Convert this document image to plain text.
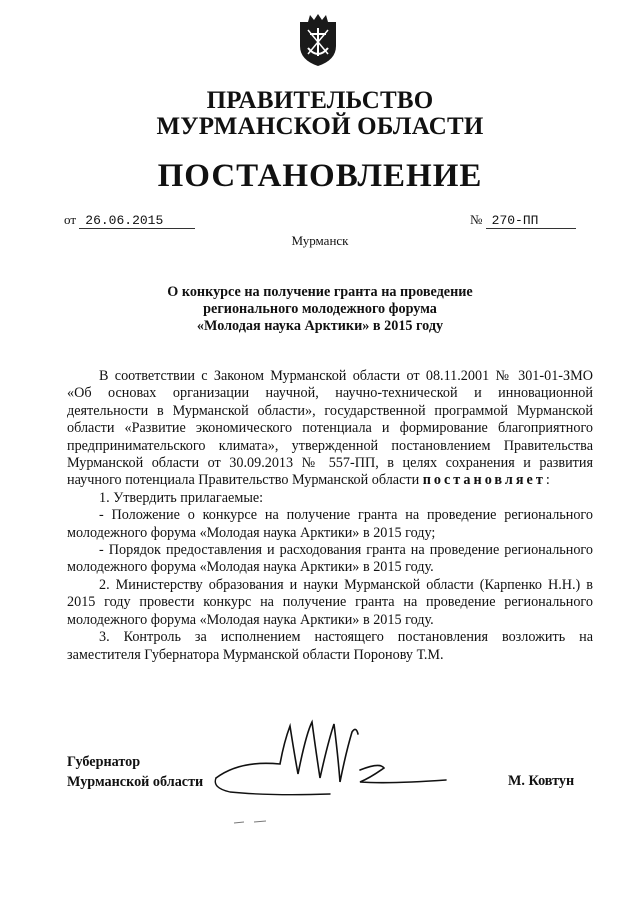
ПРАВИТЕЛЬСТВО
МУРМАНСКОЙ ОБЛАСТИ
ПОСТАНОВЛЕНИЕ
от 26.06.2015	№ 270-ПП
Мурманск
О конкурсе на получение гранта на проведение
регионального молодежного форума
«Молодая наука Арктики» в 2015 году

В соответствии с Законом Мурманской области от 08.11.2001 № 301-01-ЗМО «Об основах организации научной, научно-технической и инновационной деятельности в Мурманской области», государственной программой Мурманской области «Развитие экономического потенциала и формирование благоприятного предпринимательского климата», утвержденной постановлением Правительства Мурманской области от 30.09.2013 № 557-ПП, в целях сохранения и развития научного потенциала Правительство Мурманской области постановляет:

1. Утвердить прилагаемые:

- Положение о конкурсе на получение гранта на проведение регионального молодежного форума «Молодая наука Арктики» в 2015 году;

- Порядок предоставления и расходования гранта на проведение регионального молодежного форума «Молодая наука Арктики» в 2015 году.

2. Министерству образования и науки Мурманской области (Карпенко Н.Н.) в 2015 году провести конкурс на получение гранта на проведение регионального молодежного форума «Молодая наука Арктики» в 2015 году.

3. Контроль за исполнением настоящего постановления возложить на заместителя Губернатора Мурманской области Поронову Т.М.

Губернатор
Мурманской области	М. Ковтун
